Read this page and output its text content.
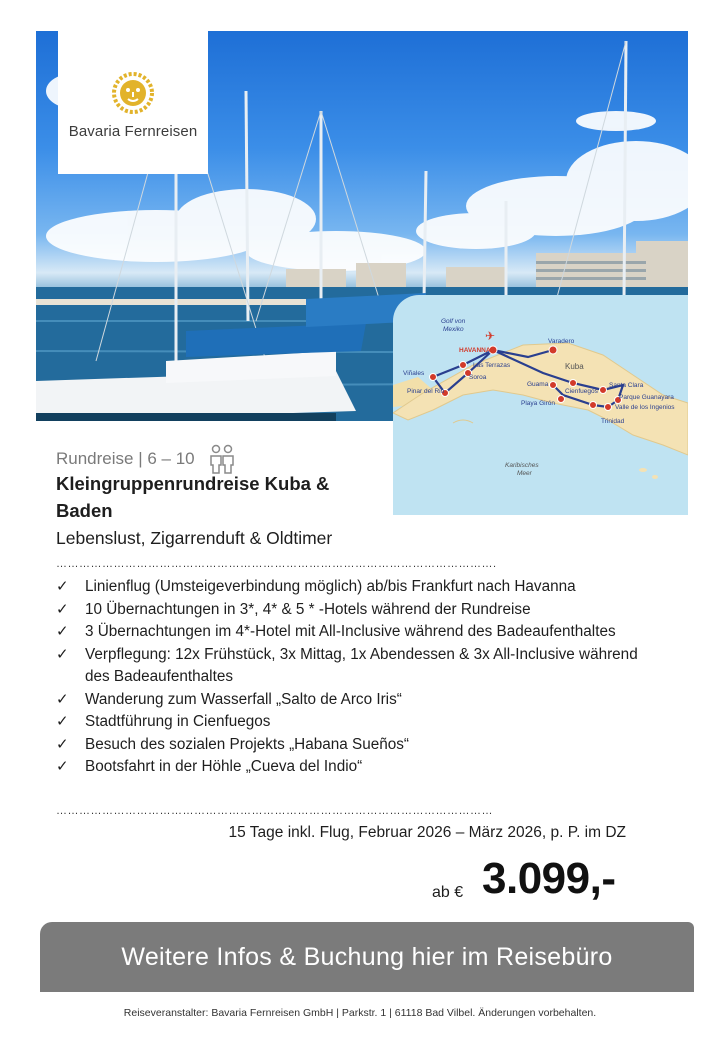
Bavaria Fernreisen
✈
Golf von Mexiko
HAVANNA
Varadero
Las Terrazas
Viñales
Soroa
Pinar del Rio
Kuba
Guama
Cienfuegos
Santa Clara
Playa Girón
Parque Guanayara
Valle de los Ingenios
Trinidad
Karibisches Meer
Rundreise | 6 – 10
Kleingruppenrundreise Kuba & Baden
Lebenslust, Zigarrenduft & Oldtimer
…………………………………………………………………………………………………….
✓ Linienflug (Umsteigeverbindung möglich) ab/bis Frankfurt nach Havanna
✓ 10 Übernachtungen in 3*, 4* & 5 * -Hotels während der Rundreise
✓ 3 Übernachtungen im 4*-Hotel mit All-Inclusive während des Badeaufenthaltes
✓ Verpflegung: 12x Frühstück, 3x Mittag, 1x Abendessen & 3x All-Inclusive während des Badeaufenthaltes
✓ Wanderung zum Wasserfall „Salto de Arco Iris“
✓ Stadtführung in Cienfuegos
✓ Besuch des sozialen Projekts „Habana Sueños“
✓ Bootsfahrt in der Höhle „Cueva del Indio“
……………………………………………………………………………………………………
15 Tage inkl. Flug, Februar 2026 – März 2026, p. P. im DZ
ab € 3.099,-
Weitere Infos & Buchung hier im Reisebüro
Reiseveranstalter: Bavaria Fernreisen GmbH | Parkstr. 1 | 61118 Bad Vilbel. Änderungen vorbehalten.
